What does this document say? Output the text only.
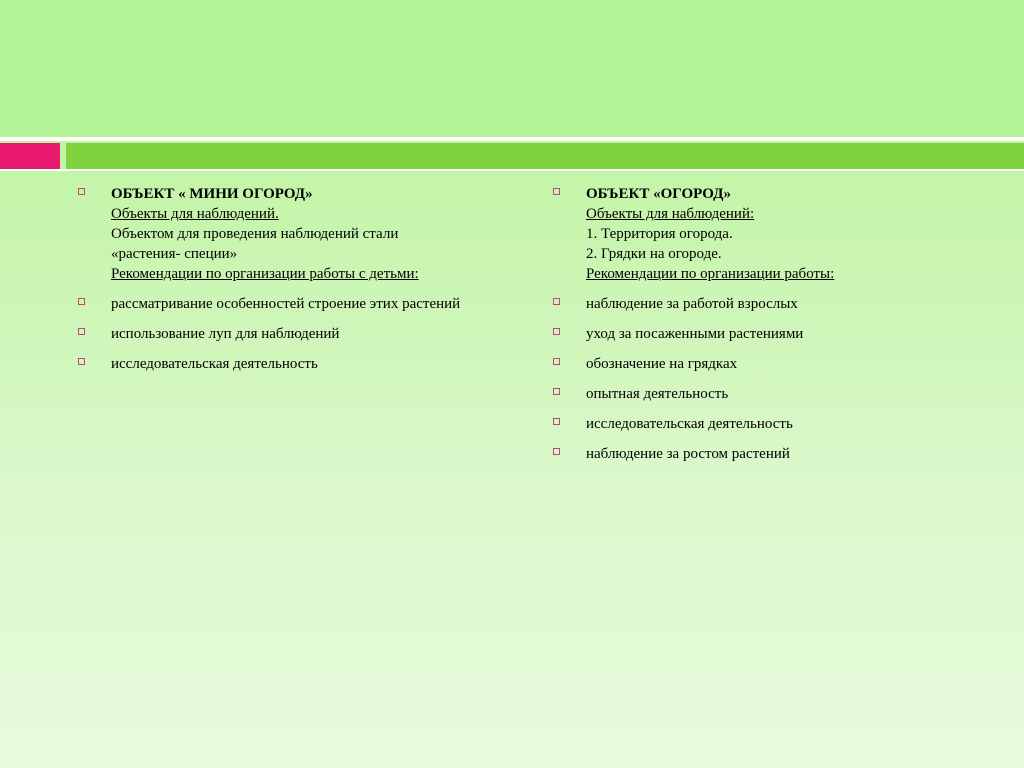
ОБЪЕКТ « МИНИ ОГОРОД»
Объекты для наблюдений.
Объектом для проведения наблюдений стали
«растения- специи»
Рекомендации по организации работы с детьми:
рассматривание особенностей строение этих растений
использование луп для наблюдений
исследовательская деятельность
ОБЪЕКТ «ОГОРОД»
Объекты для наблюдений:
1. Территория огорода.
2. Грядки на огороде.
Рекомендации по организации работы:
наблюдение за работой взрослых
уход за посаженными растениями
обозначение на грядках
опытная деятельность
исследовательская деятельность
наблюдение за ростом растений
